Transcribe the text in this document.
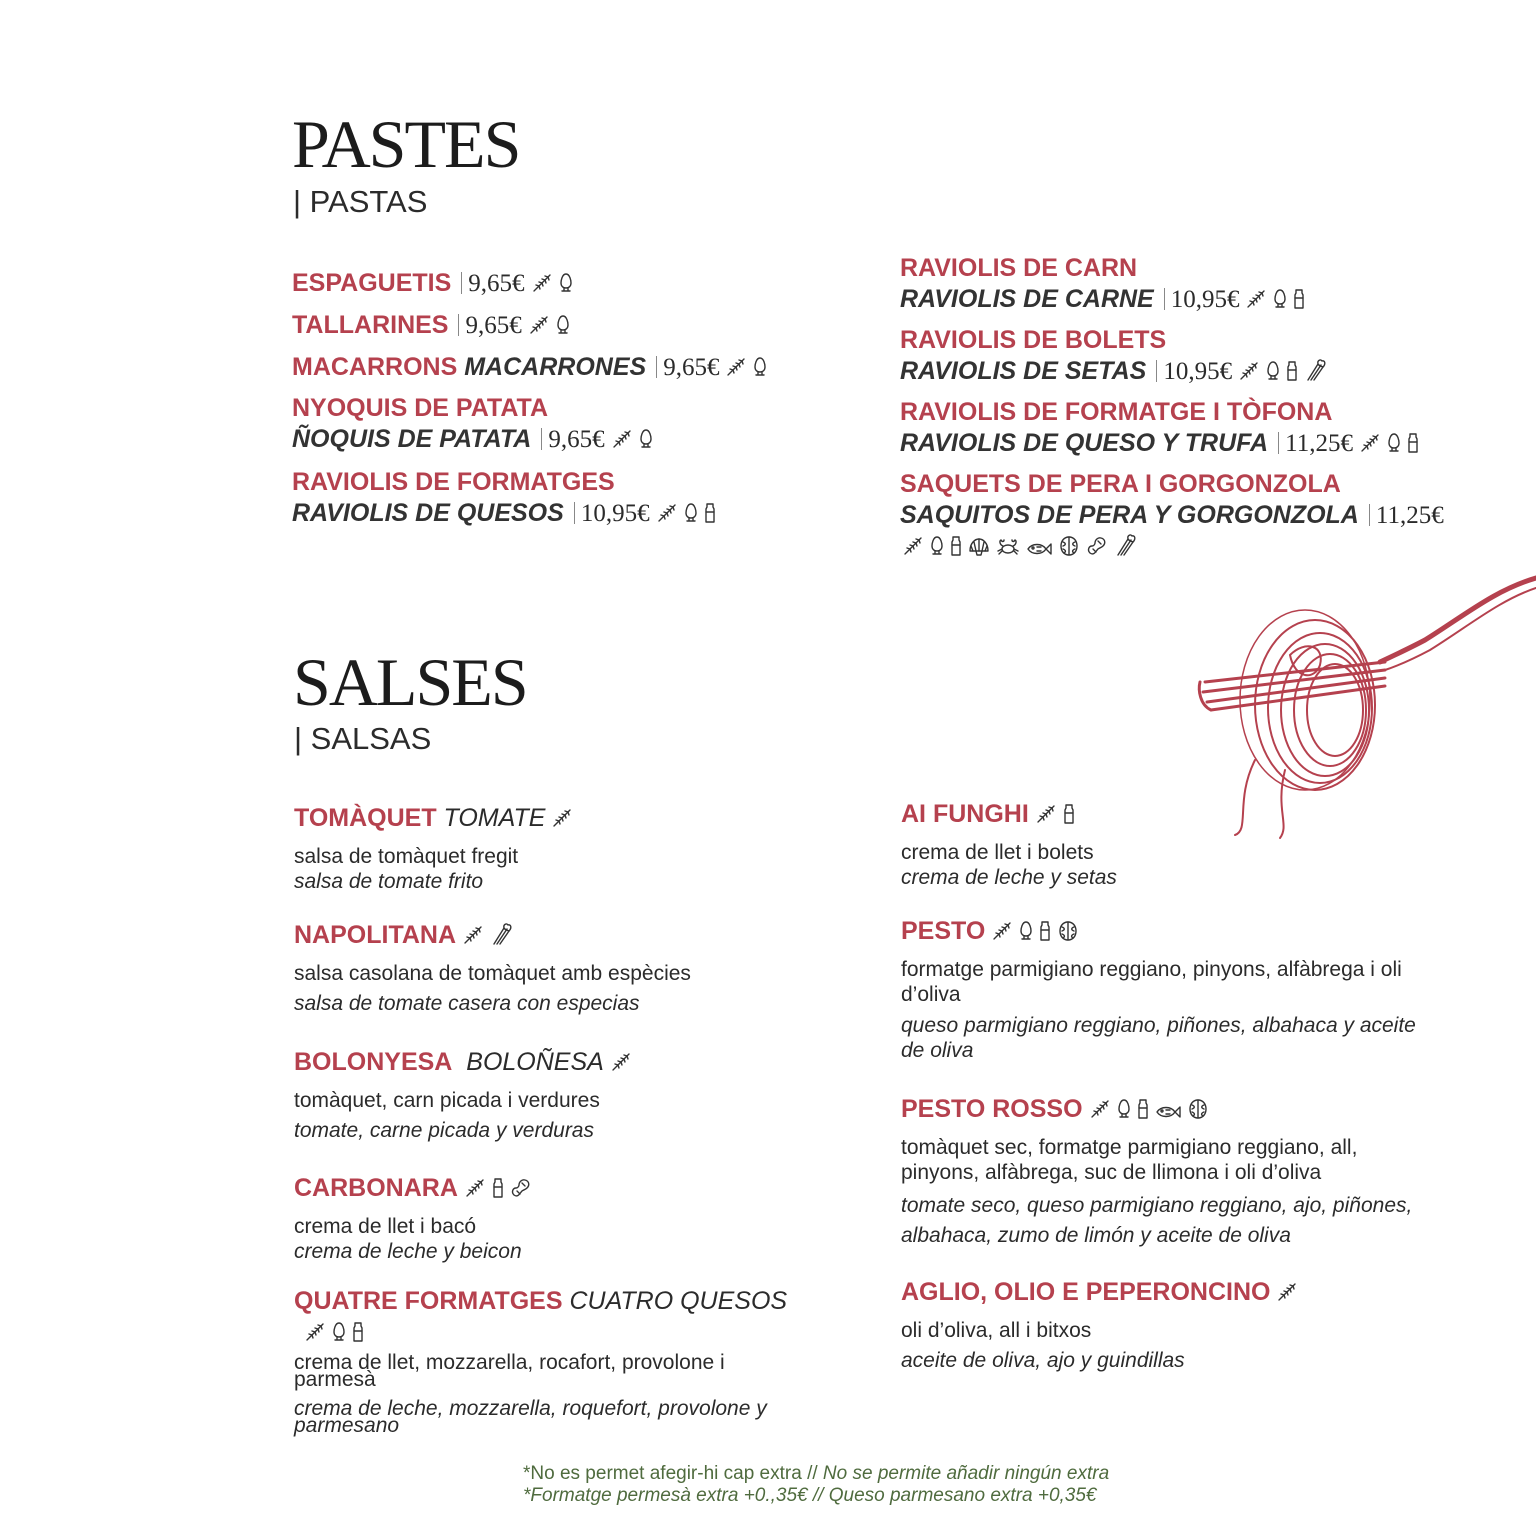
PASTES
| PASTAS
ESPAGUETIS 9,65€
TALLARINES 9,65€
MACARRONS MACARRONES 9,65€
NYOQUIS DE PATATA
ÑOQUIS DE PATATA 9,65€
RAVIOLIS DE FORMATGES
RAVIOLIS DE QUESOS 10,95€
RAVIOLIS DE CARN
RAVIOLIS DE CARNE 10,95€
RAVIOLIS DE BOLETS
RAVIOLIS DE SETAS 10,95€
RAVIOLIS DE FORMATGE I TÒFONA
RAVIOLIS DE QUESO Y TRUFA 11,25€
SAQUETS DE PERA I GORGONZOLA
SAQUITOS DE PERA Y GORGONZOLA 11,25€
SALSES
| SALSAS
TOMÀQUET TOMATE
salsa de tomàquet fregit
salsa de tomate frito
NAPOLITANA
salsa casolana de tomàquet amb espècies
salsa de tomate casera con especias
BOLONYESA BOLOÑESA
tomàquet, carn picada i verdures
tomate, carne picada y verduras
CARBONARA
crema de llet i bacó
crema de leche y beicon
QUATRE FORMATGES CUATRO QUESOS
crema de llet, mozzarella, rocafort, provolone i parmesà
crema de leche, mozzarella, roquefort, provolone y parmesano
AI FUNGHI
crema de llet i bolets
crema de leche y setas
PESTO
formatge parmigiano reggiano, pinyons, alfàbrega i oli d’oliva
queso parmigiano reggiano, piñones, albahaca y aceite de oliva
PESTO ROSSO
tomàquet sec, formatge parmigiano reggiano, all, pinyons, alfàbrega, suc de llimona i oli d’oliva
tomate seco, queso parmigiano reggiano, ajo, piñones, albahaca, zumo de limón y aceite de oliva
AGLIO, OLIO E PEPERONCINO
oli d’oliva, all i bitxos
aceite de oliva, ajo y guindillas
*No es permet afegir-hi cap extra // No se permite añadir ningún extra
*Formatge permesà extra +0.,35€ // Queso parmesano extra +0,35€
